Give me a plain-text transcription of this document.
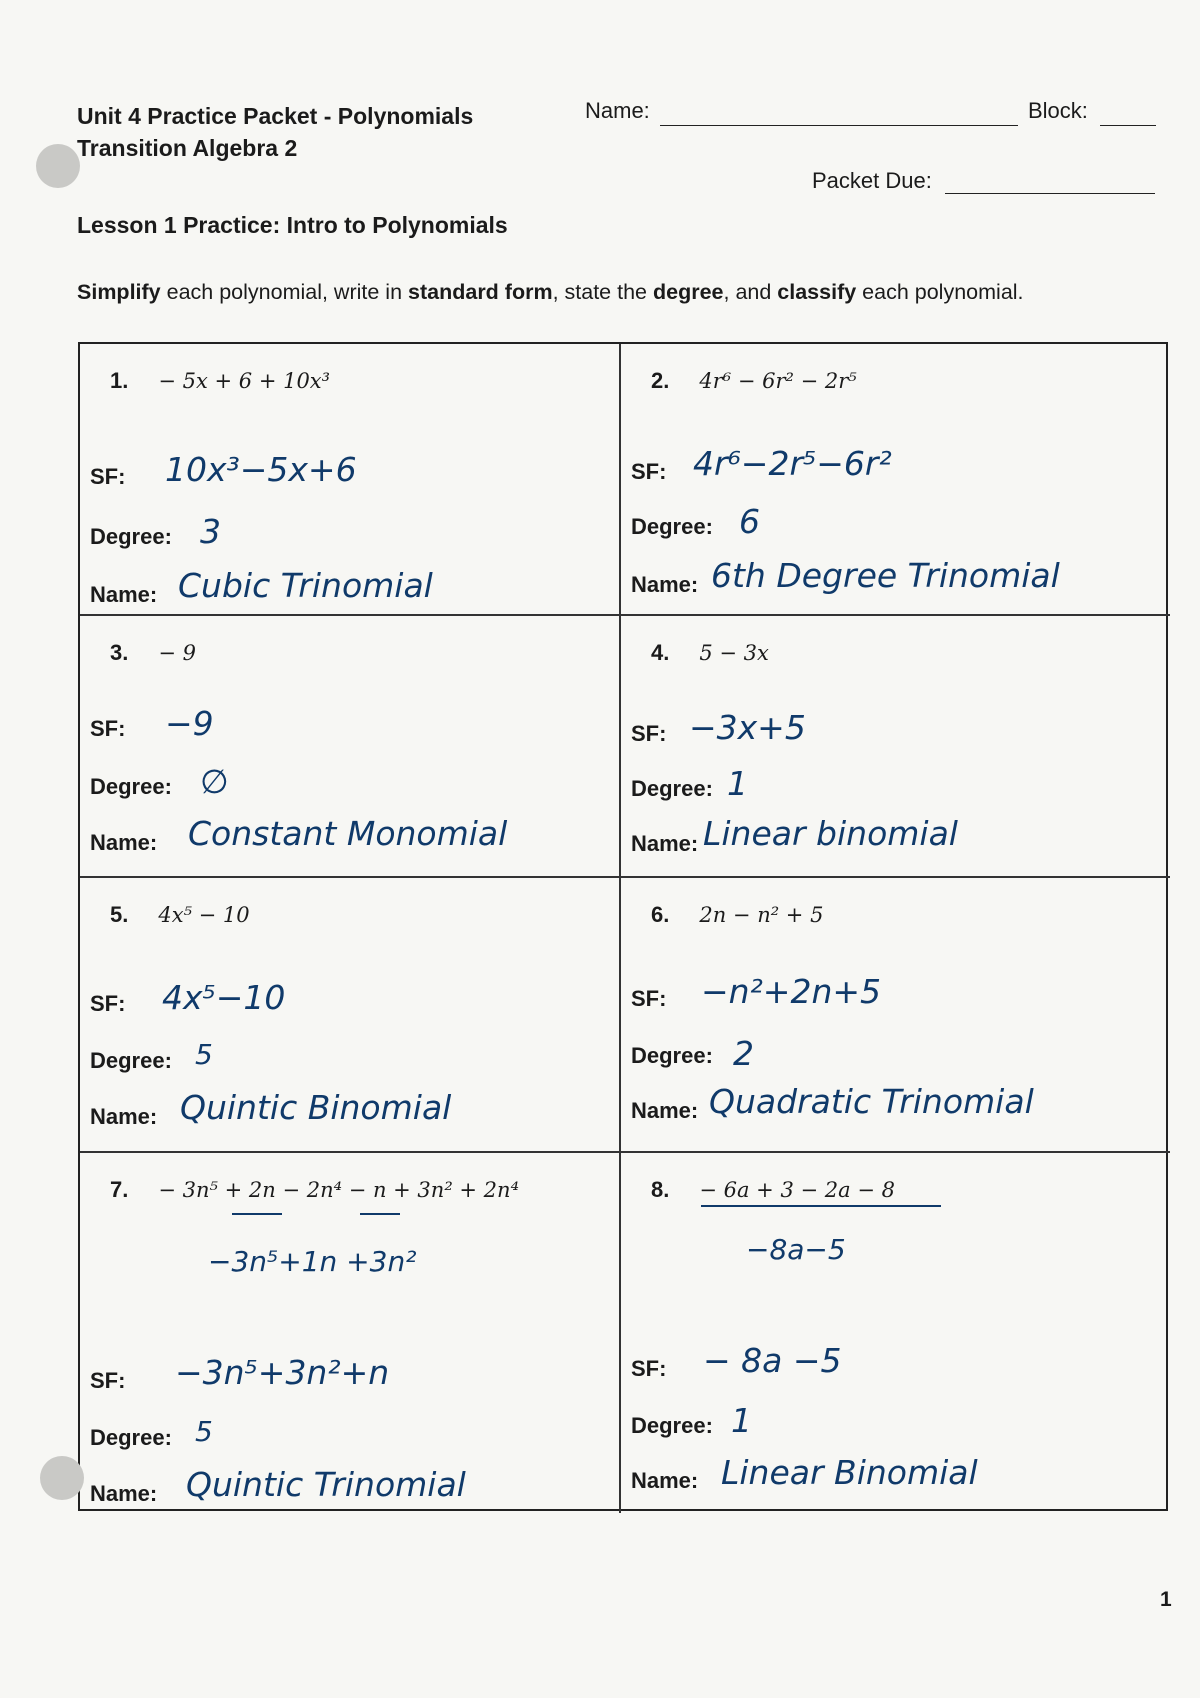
Unit 4 Practice Packet - Polynomials
Transition Algebra 2
Name:	Block:
Packet Due:
Lesson 1 Practice: Intro to Polynomials
Simplify each polynomial, write in standard form, state the degree, and classify each polynomial.
1. − 5x + 6 + 10x³
SF: 10x³−5x+6
Degree: 3
Name: Cubic Trinomial
2. 4r⁶ − 6r² − 2r⁵
SF: 4r⁶−2r⁵−6r²
Degree: 6
Name: 6th Degree Trinomial
3. − 9
SF: −9
Degree: ∅
Name: Constant Monomial
4. 5 − 3x
SF: −3x+5
Degree: 1
Name: Linear binomial
5. 4x⁵ − 10
SF: 4x⁵−10
Degree: 5
Name: Quintic Binomial
6. 2n − n² + 5
SF: −n²+2n+5
Degree: 2
Name: Quadratic Trinomial
7. − 3n⁵ + 2n − 2n⁴ − n + 3n² + 2n⁴
−3n⁵+1n +3n²
SF: −3n⁵+3n²+n
Degree: 5
Name: Quintic Trinomial
8. − 6a + 3 − 2a − 8
−8a−5
SF: − 8a −5
Degree: 1
Name: Linear Binomial
1
